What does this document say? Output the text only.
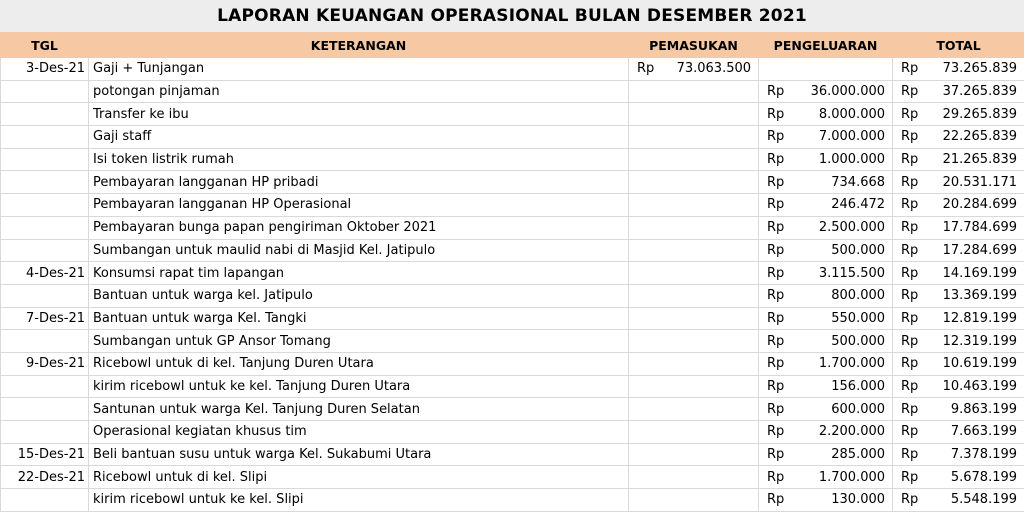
LAPORAN KEUANGAN OPERASIONAL BULAN DESEMBER 2021
TGL	KETERANGAN	PEMASUKAN		PENGELUARAN		TOTAL	
3-Des-21	Gaji + Tunjangan	Rp	73.063.500			Rp	73.265.839
	potongan pinjaman			Rp	36.000.000	Rp	37.265.839
	Transfer ke ibu			Rp	8.000.000	Rp	29.265.839
	Gaji staff			Rp	7.000.000	Rp	22.265.839
	Isi token listrik rumah			Rp	1.000.000	Rp	21.265.839
	Pembayaran langganan HP pribadi			Rp	734.668	Rp	20.531.171
	Pembayaran langganan HP Operasional			Rp	246.472	Rp	20.284.699
	Pembayaran bunga papan pengiriman Oktober 2021			Rp	2.500.000	Rp	17.784.699
	Sumbangan untuk maulid nabi di Masjid Kel. Jatipulo			Rp	500.000	Rp	17.284.699
4-Des-21	Konsumsi rapat tim lapangan			Rp	3.115.500	Rp	14.169.199
	Bantuan untuk warga kel. Jatipulo			Rp	800.000	Rp	13.369.199
7-Des-21	Bantuan untuk warga Kel. Tangki			Rp	550.000	Rp	12.819.199
	Sumbangan untuk GP Ansor Tomang			Rp	500.000	Rp	12.319.199
9-Des-21	Ricebowl untuk di kel. Tanjung Duren Utara			Rp	1.700.000	Rp	10.619.199
	kirim ricebowl untuk ke kel. Tanjung Duren Utara			Rp	156.000	Rp	10.463.199
	Santunan untuk warga Kel. Tanjung Duren Selatan			Rp	600.000	Rp	9.863.199
	Operasional kegiatan khusus tim			Rp	2.200.000	Rp	7.663.199
15-Des-21	Beli bantuan susu untuk warga Kel. Sukabumi Utara			Rp	285.000	Rp	7.378.199
22-Des-21	Ricebowl untuk di kel. Slipi			Rp	1.700.000	Rp	5.678.199
	kirim ricebowl untuk ke kel. Slipi			Rp	130.000	Rp	5.548.199
